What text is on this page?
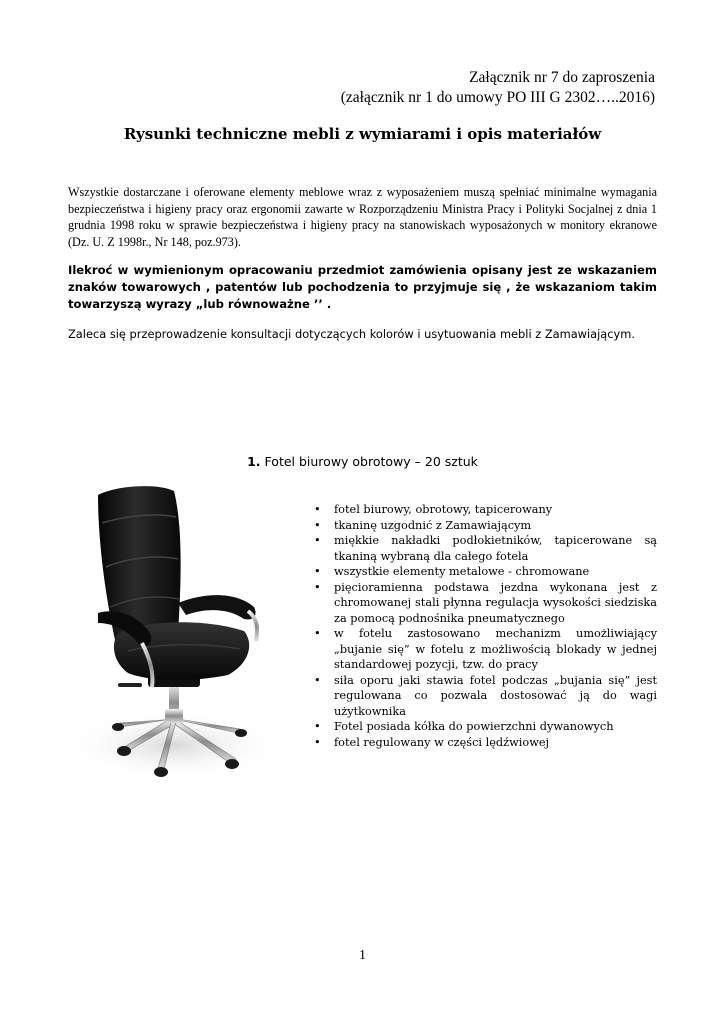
Załącznik nr 7 do zaproszenia
(załącznik nr 1 do umowy PO III G 2302…..2016)
Rysunki techniczne mebli z wymiarami i opis materiałów
Wszystkie dostarczane i oferowane elementy meblowe wraz z wyposażeniem muszą spełniać minimalne wymagania bezpieczeństwa i higieny pracy oraz ergonomii zawarte w Rozporządzeniu Ministra Pracy i Polityki Socjalnej z dnia 1 grudnia 1998 roku w sprawie bezpieczeństwa i higieny pracy na stanowiskach wyposażonych w monitory ekranowe (Dz. U. Z 1998r., Nr 148, poz.973).
Ilekroć w wymienionym opracowaniu przedmiot zamówienia opisany jest ze wskazaniem znaków towarowych , patentów lub pochodzenia to przyjmuje się , że wskazaniom takim towarzyszą wyrazy „lub równoważne ’’ .
Zaleca się przeprowadzenie konsultacji dotyczących kolorów i usytuowania mebli z Zamawiającym.
1. Fotel biurowy obrotowy – 20 sztuk
• fotel biurowy, obrotowy, tapicerowany
• tkaninę uzgodnić z Zamawiającym
• miękkie nakładki podłokietników, tapicerowane są tkaniną wybraną dla całego fotela
• wszystkie elementy metalowe - chromowane
• pięcioramienna podstawa jezdna wykonana jest z chromowanej stali płynna regulacja wysokości siedziska za pomocą podnośnika pneumatycznego
• w fotelu zastosowano mechanizm umożliwiający „bujanie się” w fotelu z możliwością blokady w jednej standardowej pozycji, tzw. do pracy
• siła oporu jaki stawia fotel podczas „bujania się” jest regulowana co pozwala dostosować ją do wagi użytkownika
• Fotel posiada kółka do powierzchni dywanowych
• fotel regulowany w części lędźwiowej
1
